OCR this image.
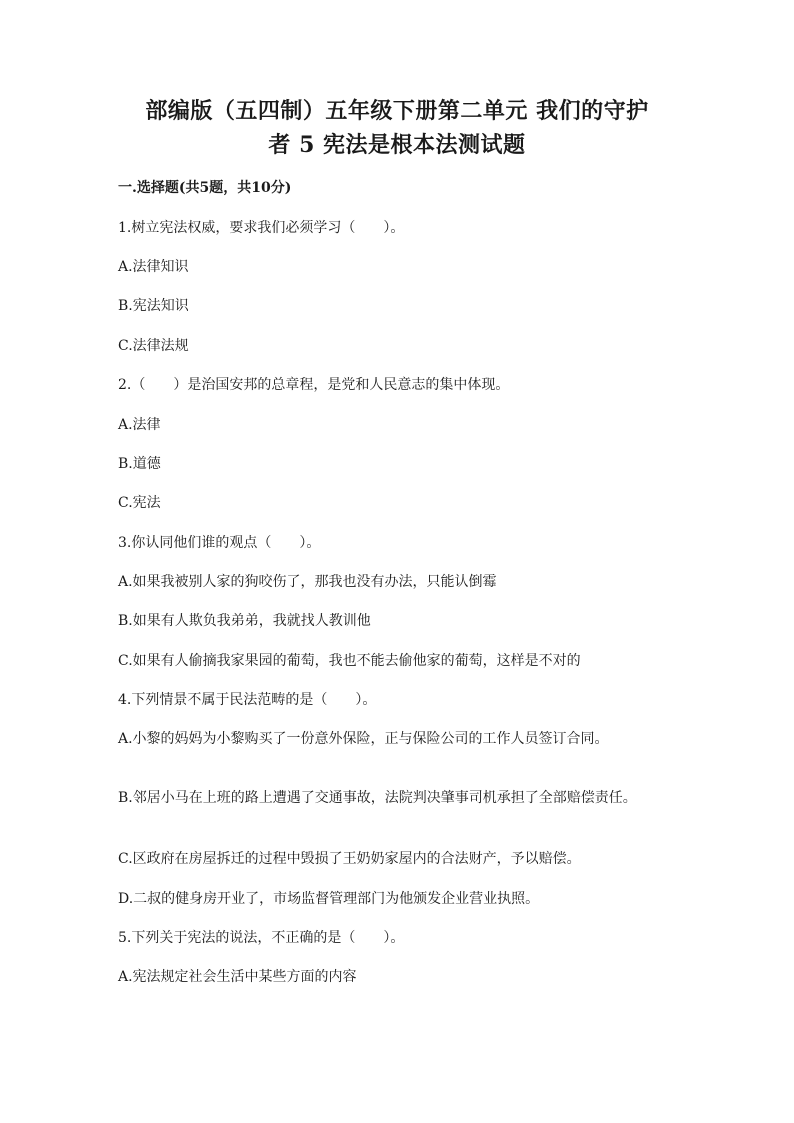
部编版（五四制）五年级下册第二单元 我们的守护
者 5 宪法是根本法测试题
一.选择题(共5题，共10分)
1.树立宪法权威，要求我们必须学习（　　）。
A.法律知识
B.宪法知识
C.法律法规
2.（　　）是治国安邦的总章程，是党和人民意志的集中体现。
A.法律
B.道德
C.宪法
3.你认同他们谁的观点（　　）。
A.如果我被别人家的狗咬伤了，那我也没有办法，只能认倒霉
B.如果有人欺负我弟弟，我就找人教训他
C.如果有人偷摘我家果园的葡萄，我也不能去偷他家的葡萄，这样是不对的
4.下列情景不属于民法范畴的是（　　）。
A.小黎的妈妈为小黎购买了一份意外保险，正与保险公司的工作人员签订合同。
B.邻居小马在上班的路上遭遇了交通事故，法院判决肇事司机承担了全部赔偿责任。
C.区政府在房屋拆迁的过程中毁损了王奶奶家屋内的合法财产，予以赔偿。
D.二叔的健身房开业了，市场监督管理部门为他颁发企业营业执照。
5.下列关于宪法的说法，不正确的是（　　）。
A.宪法规定社会生活中某些方面的内容
